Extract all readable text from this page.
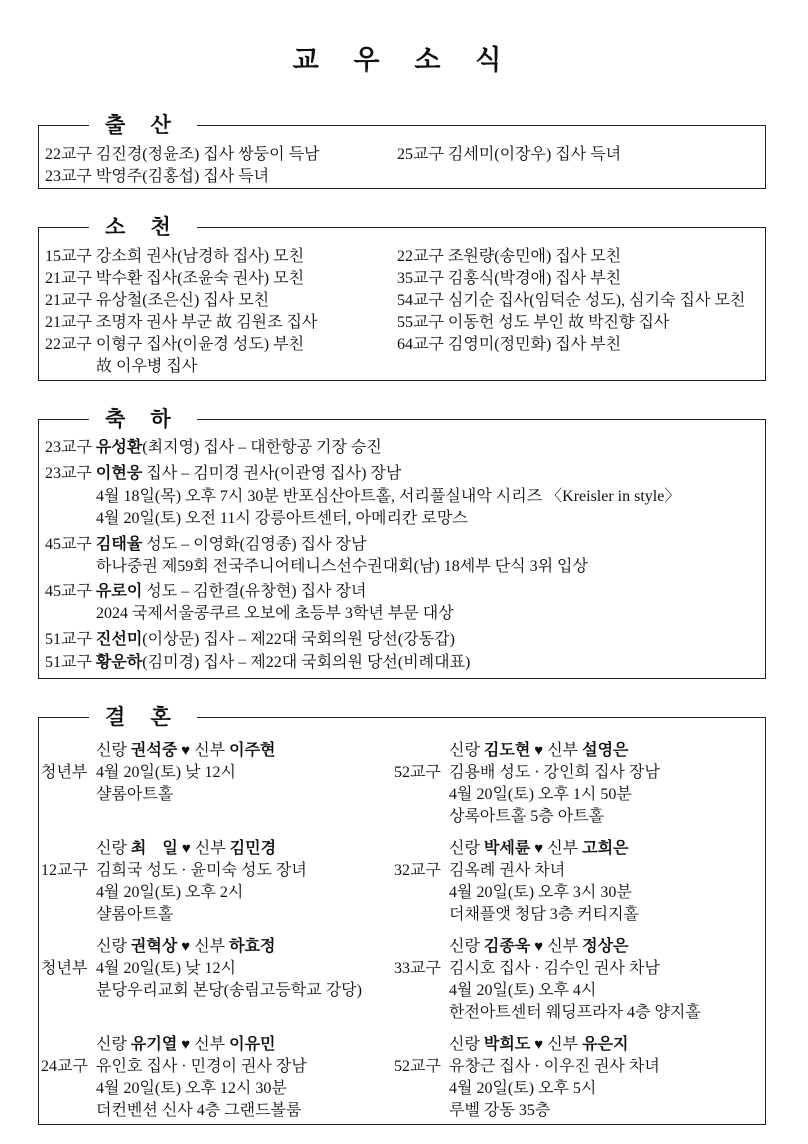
교 우 소 식
출 산
22교구 김진경(정윤조) 집사 쌍둥이 득남
23교구 박영주(김홍섭) 집사 득녀
25교구 김세미(이장우) 집사 득녀
소 천
15교구 강소희 권사(남경하 집사) 모친
21교구 박수환 집사(조윤숙 권사) 모친
21교구 유상철(조은신) 집사 모친
21교구 조명자 권사 부군 故 김원조 집사
22교구 이형구 집사(이윤경 성도) 부친
故 이우병 집사
22교구 조원량(송민애) 집사 모친
35교구 김홍식(박경애) 집사 부친
54교구 심기순 집사(임덕순 성도), 심기숙 집사 모친
55교구 이동헌 성도 부인 故 박진향 집사
64교구 김영미(정민화) 집사 부친
축 하
23교구 유성환(최지영) 집사 – 대한항공 기장 승진
23교구 이현웅 집사 – 김미경 권사(이관영 집사) 장남
4월 18일(목) 오후 7시 30분 반포심산아트홀, 서리풀실내악 시리즈 〈Kreisler in style〉
4월 20일(토) 오전 11시 강릉아트센터, 아메리칸 로망스
45교구 김태율 성도 – 이영화(김영종) 집사 장남
하나중권 제59회 전국주니어테니스선수권대회(남) 18세부 단식 3위 입상
45교구 유로이 성도 – 김한결(유창현) 집사 장녀
2024 국제서울콩쿠르 오보에 초등부 3학년 부문 대상
51교구 진선미(이상문) 집사 – 제22대 국회의원 당선(강동갑)
51교구 황운하(김미경) 집사 – 제22대 국회의원 당선(비례대표)
결 혼
신랑 권석중 ♥ 신부 이주현
청년부 4월 20일(토) 낮 12시
샬롬아트홀
신랑 김도현 ♥ 신부 설영은
52교구 김용배 성도 · 강인희 집사 장남
4월 20일(토) 오후 1시 50분
상록아트홀 5층 아트홀
신랑 최　일 ♥ 신부 김민경
12교구 김희국 성도 · 윤미숙 성도 장녀
4월 20일(토) 오후 2시
샬롬아트홀
신랑 박세륜 ♥ 신부 고희은
32교구 김옥례 권사 차녀
4월 20일(토) 오후 3시 30분
더채플앳 청담 3층 커티지홀
신랑 권혁상 ♥ 신부 하효정
청년부 4월 20일(토) 낮 12시
분당우리교회 본당(송림고등학교 강당)
신랑 김종욱 ♥ 신부 정상은
33교구 김시호 집사 · 김수인 권사 차남
4월 20일(토) 오후 4시
한전아트센터 웨딩프라자 4층 양지홀
신랑 유기열 ♥ 신부 이유민
24교구 유인호 집사 · 민경이 권사 장남
4월 20일(토) 오후 12시 30분
더컨벤션 신사 4층 그랜드볼룸
신랑 박희도 ♥ 신부 유은지
52교구 유창근 집사 · 이우진 권사 차녀
4월 20일(토) 오후 5시
루벨 강동 35층
